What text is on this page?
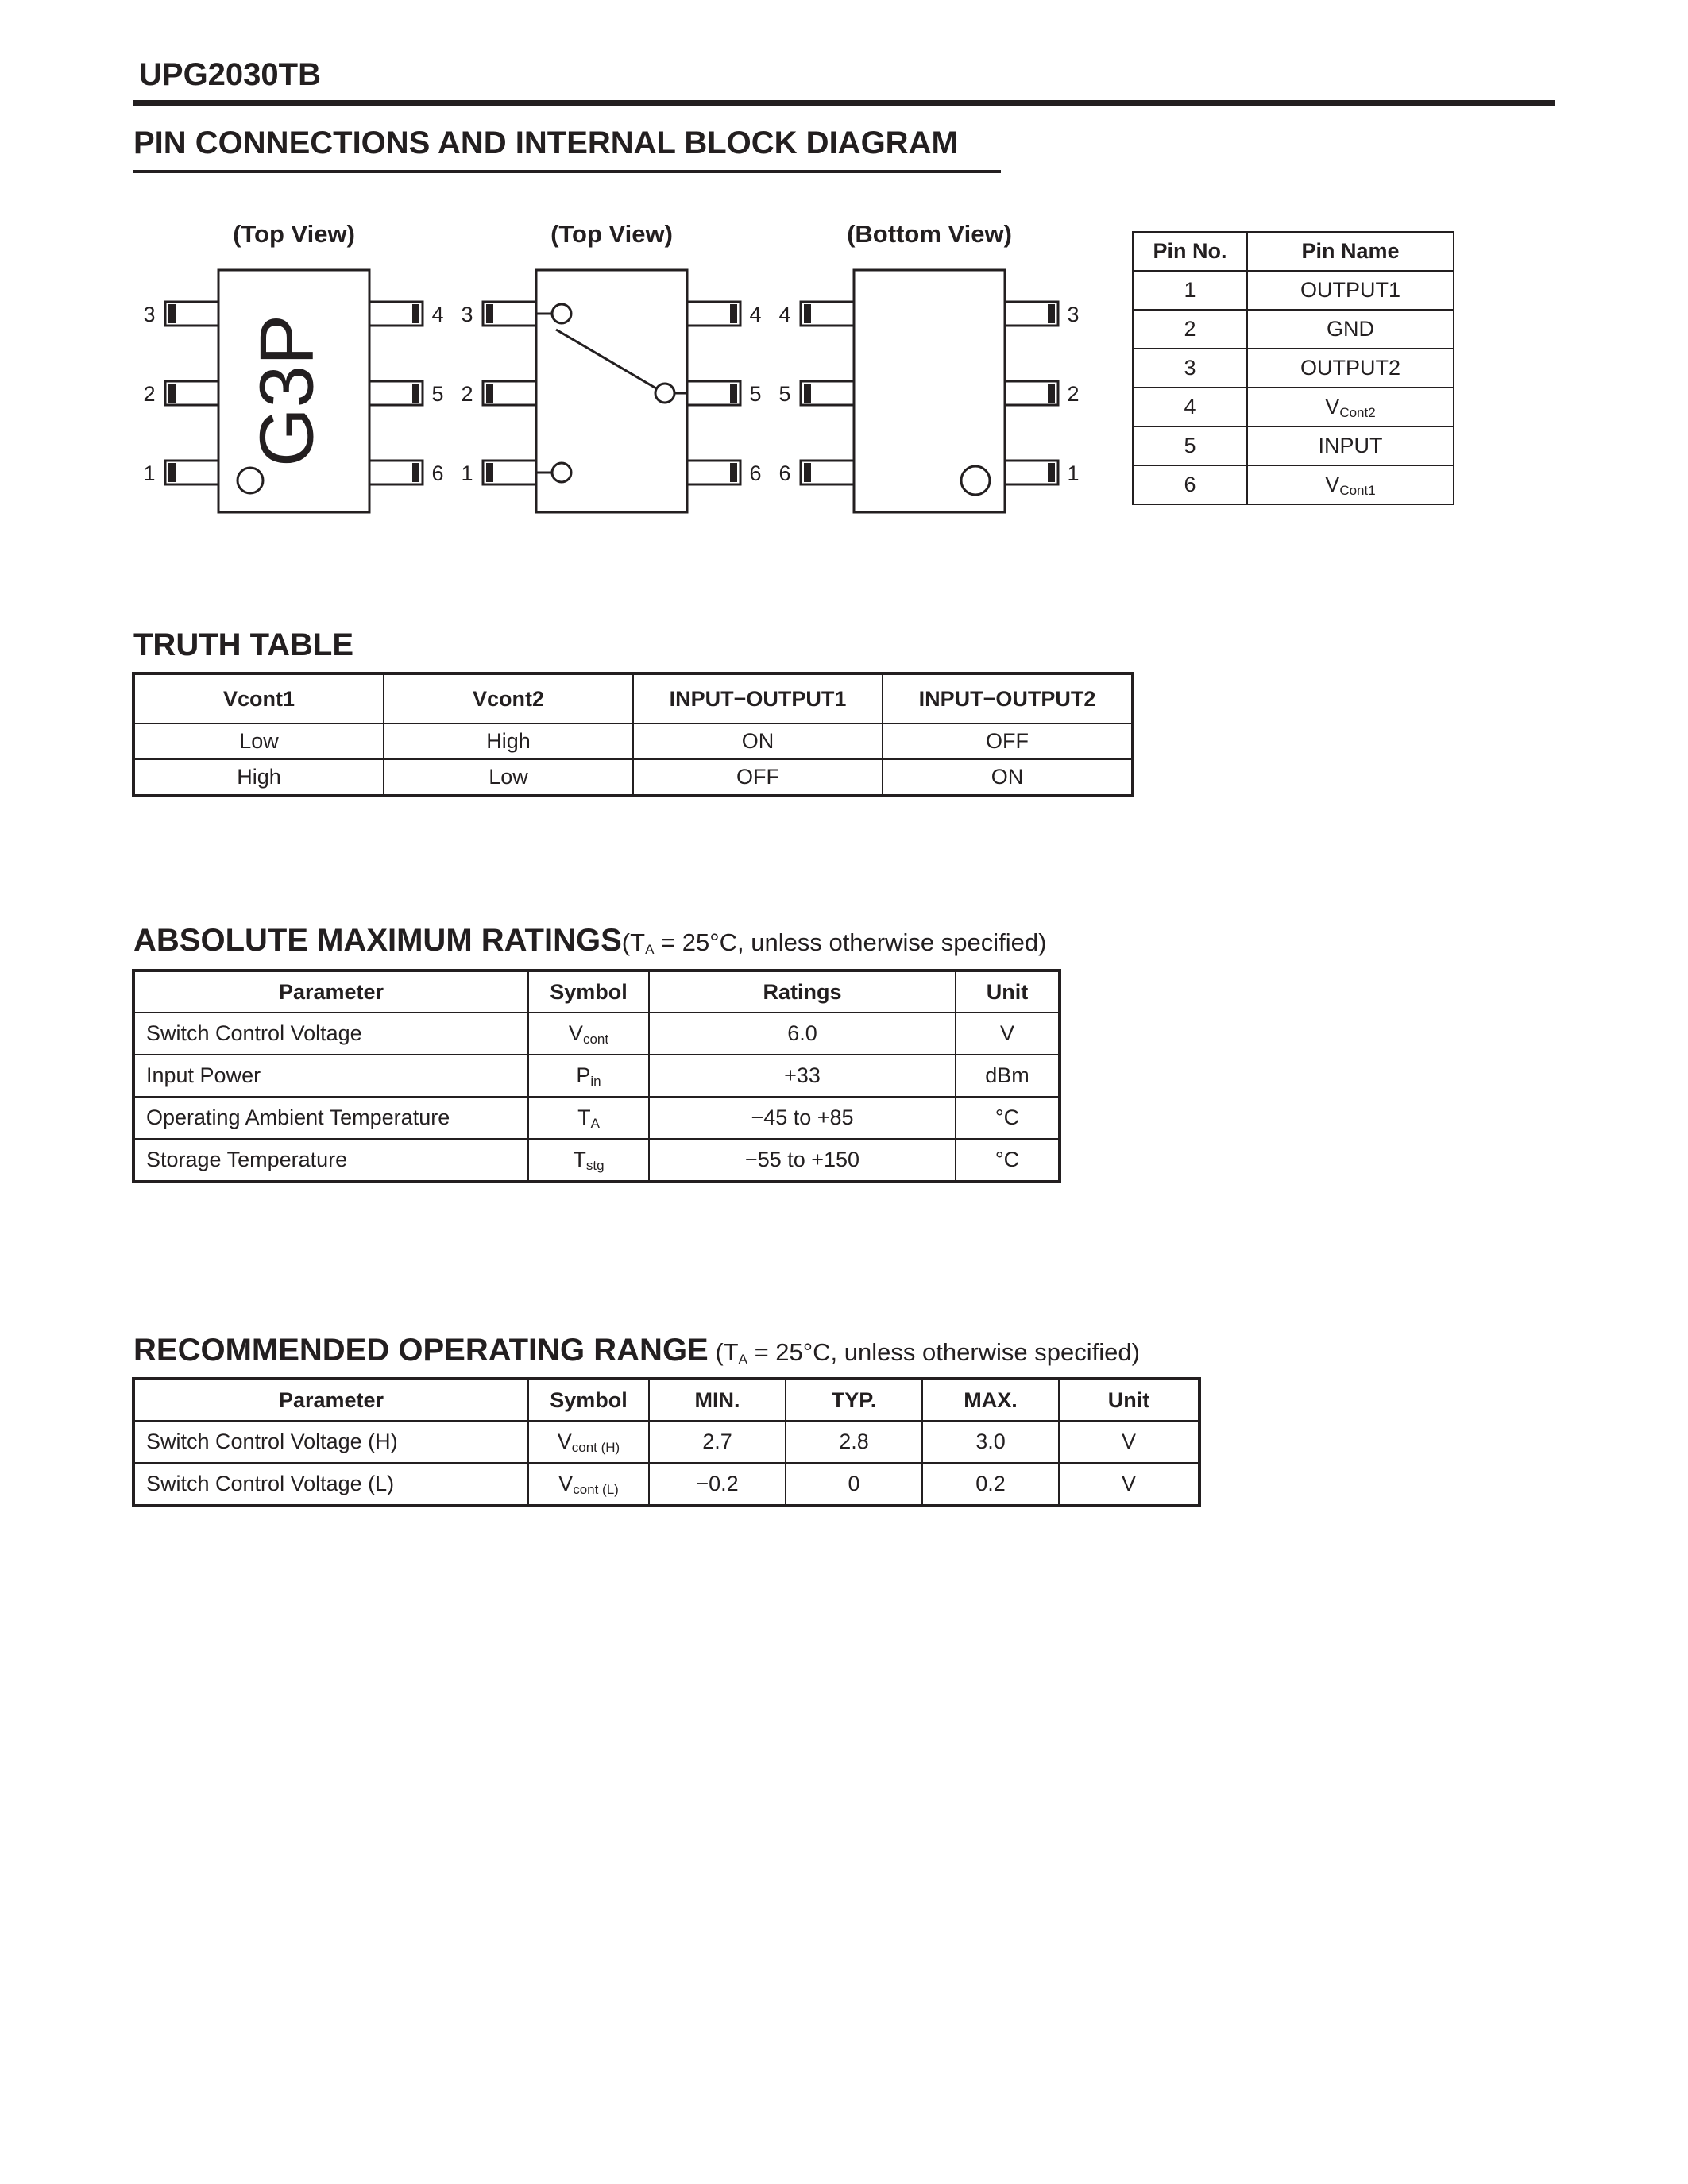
UPG2030TB
PIN CONNECTIONS AND INTERNAL BLOCK DIAGRAM
(Top View)	(Top View)	(Bottom View)
G3P
3
2
1
4
5
6
3
2
1
4
5
6
4
5
6
3
2
1
Pin No.	Pin Name
1	OUTPUT1
2	GND
3	OUTPUT2
4	$V_{Cont2}$
5	INPUT
6	$V_{Cont1}$
TRUTH TABLE
Vcont1	Vcont2	INPUT−OUTPUT1	INPUT−OUTPUT2
Low	High	ON	OFF
High	Low	OFF	ON
ABSOLUTE MAXIMUM $RATINGS(T_A = 25^\circ C$, unless otherwise specified)
Parameter	Symbol	Ratings	Unit
Switch Control Voltage	$V_{cont}$	6.0	V
Input Power	$P_{in}$	+33	dBm
Operating Ambient Temperature	$T_A$	−45 to +85	°C
Storage Temperature	$T_{stg}$	−55 to +150	°C
RECOMMENDED OPERATING RANGE ($T_A = 25^\circ C$, unless otherwise specified)
Parameter	Symbol	MIN.	TYP.	MAX.	Unit
Switch Control Voltage (H)	$V_{cont (H)}$	2.7	2.8	3.0	V
Switch Control Voltage (L)	$V_{cont (L)}$	−0.2	0	0.2	V
